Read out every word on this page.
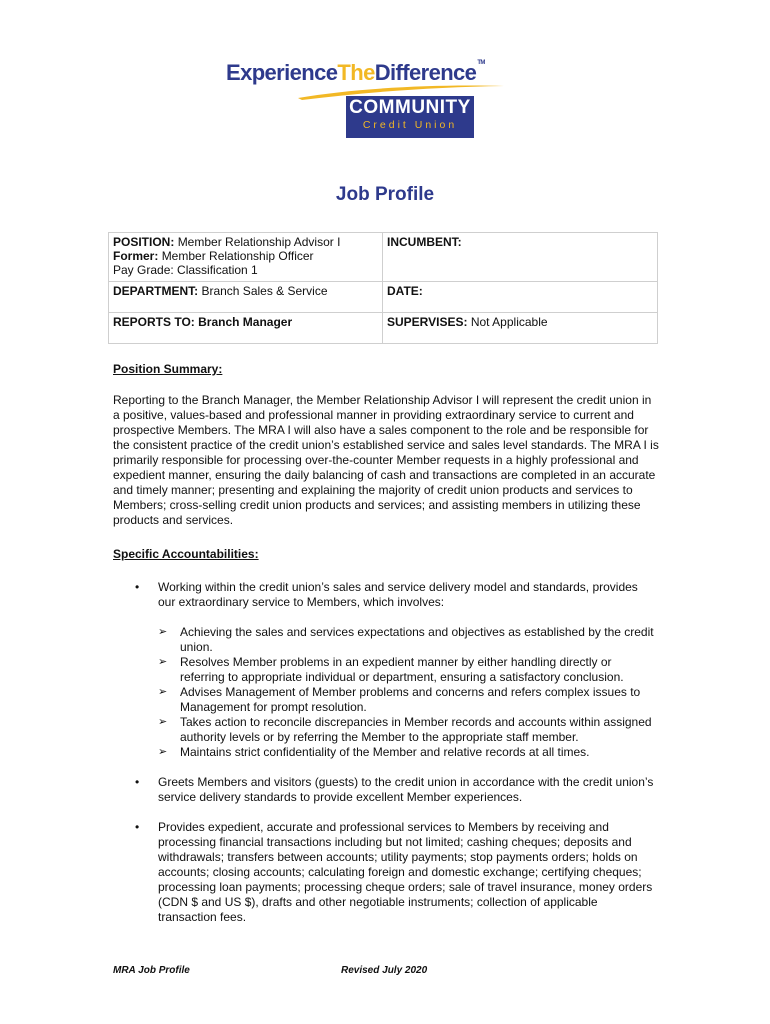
ExperienceTheDifference™
COMMUNITY
Credit Union
Job Profile
POSITION: Member Relationship Advisor I
Former: Member Relationship Officer
Pay Grade: Classification 1	INCUMBENT:
DEPARTMENT: Branch Sales & Service	DATE:
REPORTS TO: Branch Manager	SUPERVISES: Not Applicable
Position Summary:
Reporting to the Branch Manager, the Member Relationship Advisor I will represent the credit union in a positive, values-based and professional manner in providing extraordinary service to current and prospective Members. The MRA I will also have a sales component to the role and be responsible for the consistent practice of the credit union’s established service and sales level standards. The MRA I is primarily responsible for processing over-the-counter Member requests in a highly professional and expedient manner, ensuring the daily balancing of cash and transactions are completed in an accurate and timely manner; presenting and explaining the majority of credit union products and services to Members; cross-selling credit union products and services; and assisting members in utilizing these products and services.
Specific Accountabilities:
• Working within the credit union’s sales and service delivery model and standards, provides our extraordinary service to Members, which involves:
➢ Achieving the sales and services expectations and objectives as established by the credit union.
➢ Resolves Member problems in an expedient manner by either handling directly or referring to appropriate individual or department, ensuring a satisfactory conclusion.
➢ Advises Management of Member problems and concerns and refers complex issues to Management for prompt resolution.
➢ Takes action to reconcile discrepancies in Member records and accounts within assigned authority levels or by referring the Member to the appropriate staff member.
➢ Maintains strict confidentiality of the Member and relative records at all times.
• Greets Members and visitors (guests) to the credit union in accordance with the credit union’s service delivery standards to provide excellent Member experiences.
• Provides expedient, accurate and professional services to Members by receiving and processing financial transactions including but not limited; cashing cheques; deposits and withdrawals; transfers between accounts; utility payments; stop payments orders; holds on accounts; closing accounts; calculating foreign and domestic exchange; certifying cheques; processing loan payments; processing cheque orders; sale of travel insurance, money orders (CDN $ and US $), drafts and other negotiable instruments; collection of applicable transaction fees.
MRA Job Profile	Revised July 2020
